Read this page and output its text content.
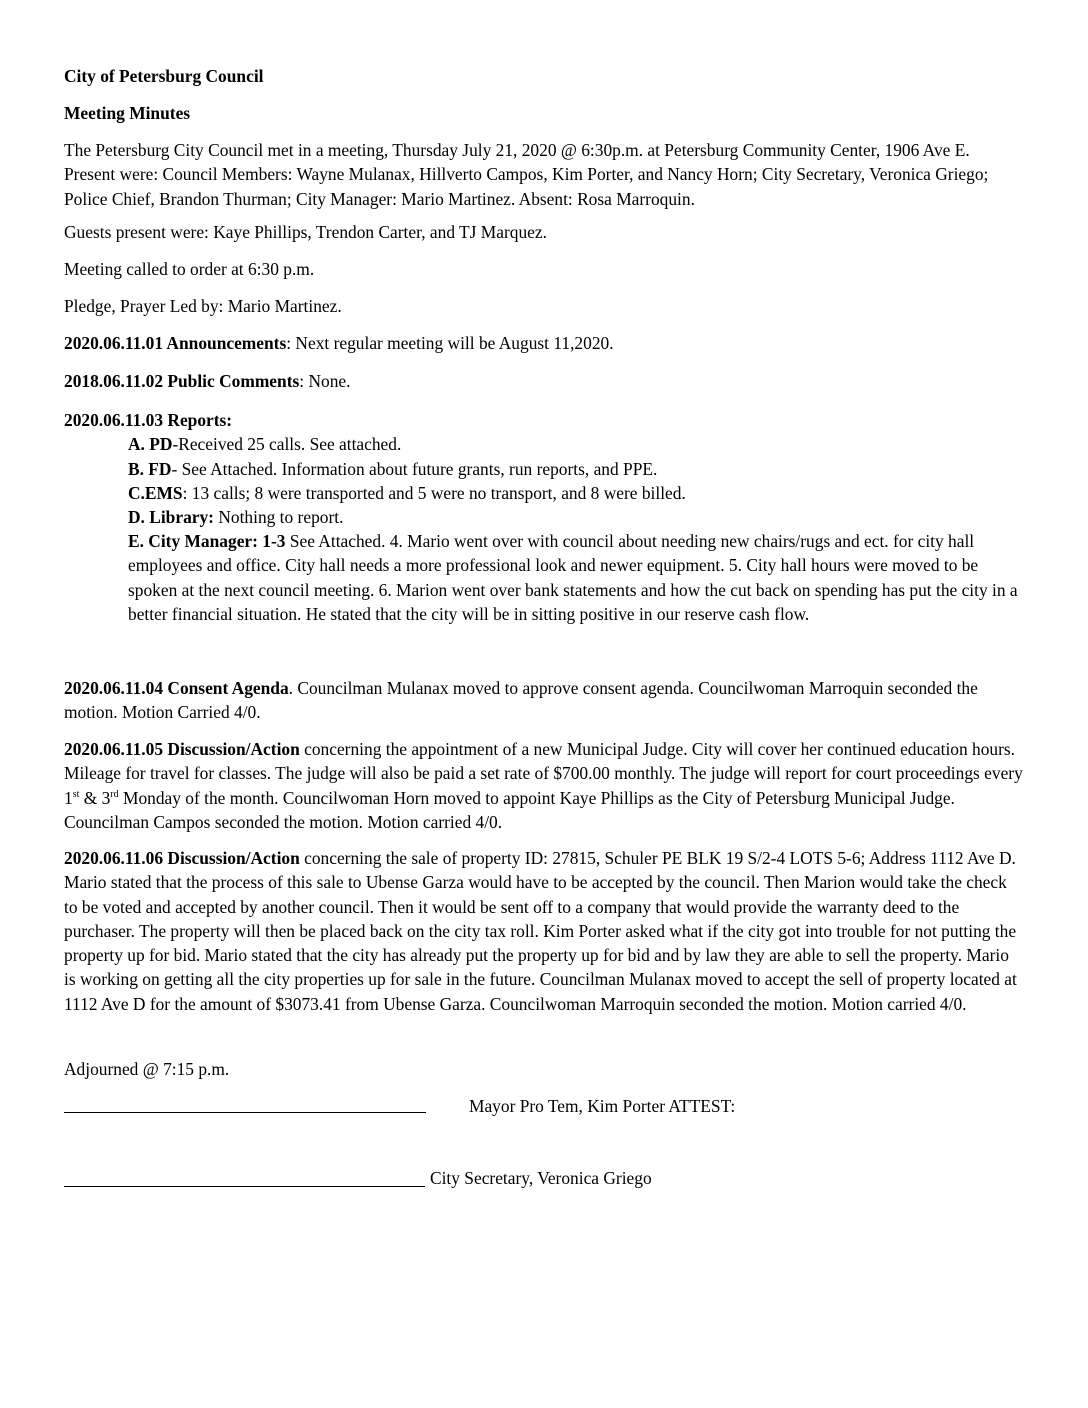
City of Petersburg Council

Meeting Minutes

The Petersburg City Council met in a meeting, Thursday July 21, 2020 @ 6:30p.m. at Petersburg Community Center, 1906 Ave E. Present were: Council Members: Wayne Mulanax, Hillverto Campos, Kim Porter, and Nancy Horn; City Secretary, Veronica Griego; Police Chief, Brandon Thurman; City Manager: Mario Martinez. Absent: Rosa Marroquin.

Guests present were: Kaye Phillips, Trendon Carter, and TJ Marquez.

Meeting called to order at 6:30 p.m.

Pledge, Prayer Led by: Mario Martinez.

2020.06.11.01 Announcements: Next regular meeting will be August 11,2020.

2018.06.11.02 Public Comments: None.

2020.06.11.03 Reports:

A. PD-Received 25 calls. See attached.

B. FD- See Attached. Information about future grants, run reports, and PPE.

C.EMS: 13 calls; 8 were transported and 5 were no transport, and 8 were billed.

D. Library: Nothing to report.

E. City Manager: 1-3 See Attached. 4. Mario went over with council about needing new chairs/rugs and ect. for city hall employees and office. City hall needs a more professional look and newer equipment. 5. City hall hours were moved to be spoken at the next council meeting. 6. Marion went over bank statements and how the cut back on spending has put the city in a better financial situation. He stated that the city will be in sitting positive in our reserve cash flow.

2020.06.11.04 Consent Agenda. Councilman Mulanax moved to approve consent agenda. Councilwoman Marroquin seconded the motion. Motion Carried 4/0.

2020.06.11.05 Discussion/Action concerning the appointment of a new Municipal Judge. City will cover her continued education hours. Mileage for travel for classes. The judge will also be paid a set rate of $700.00 monthly. The judge will report for court proceedings every 1st & 3rd Monday of the month. Councilwoman Horn moved to appoint Kaye Phillips as the City of Petersburg Municipal Judge. Councilman Campos seconded the motion. Motion carried 4/0.

2020.06.11.06 Discussion/Action concerning the sale of property ID: 27815, Schuler PE BLK 19 S/2-4 LOTS 5-6; Address 1112 Ave D. Mario stated that the process of this sale to Ubense Garza would have to be accepted by the council. Then Marion would take the check to be voted and accepted by another council. Then it would be sent off to a company that would provide the warranty deed to the purchaser. The property will then be placed back on the city tax roll. Kim Porter asked what if the city got into trouble for not putting the property up for bid. Mario stated that the city has already put the property up for bid and by law they are able to sell the property. Mario is working on getting all the city properties up for sale in the future. Councilman Mulanax moved to accept the sell of property located at 1112 Ave D for the amount of $3073.41 from Ubense Garza. Councilwoman Marroquin seconded the motion. Motion carried 4/0.

Adjourned @ 7:15 p.m.

Mayor Pro Tem, Kim Porter ATTEST:

City Secretary, Veronica Griego
